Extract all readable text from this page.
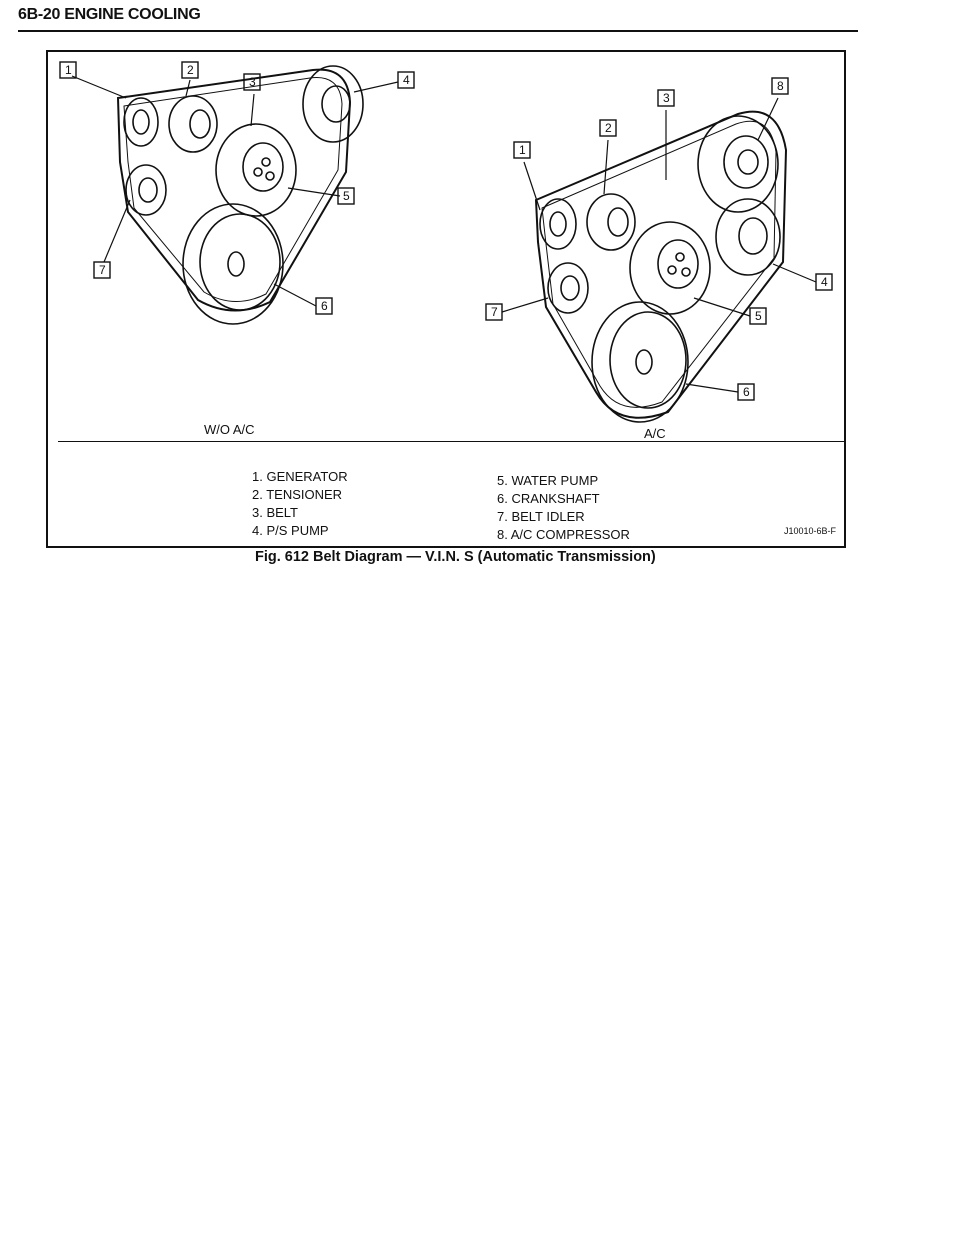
6B-20 ENGINE COOLING
1	2
3	4
5
6
7
1
2
3
8
4
5
6
7
W/O A/C	A/C
1. GENERATOR
2. TENSIONER
3. BELT
4. P/S PUMP
5. WATER PUMP
6. CRANKSHAFT
7. BELT IDLER
8. A/C COMPRESSOR	J10010-6B-F
Fig. 612 Belt Diagram — V.I.N. S (Automatic Transmission)
